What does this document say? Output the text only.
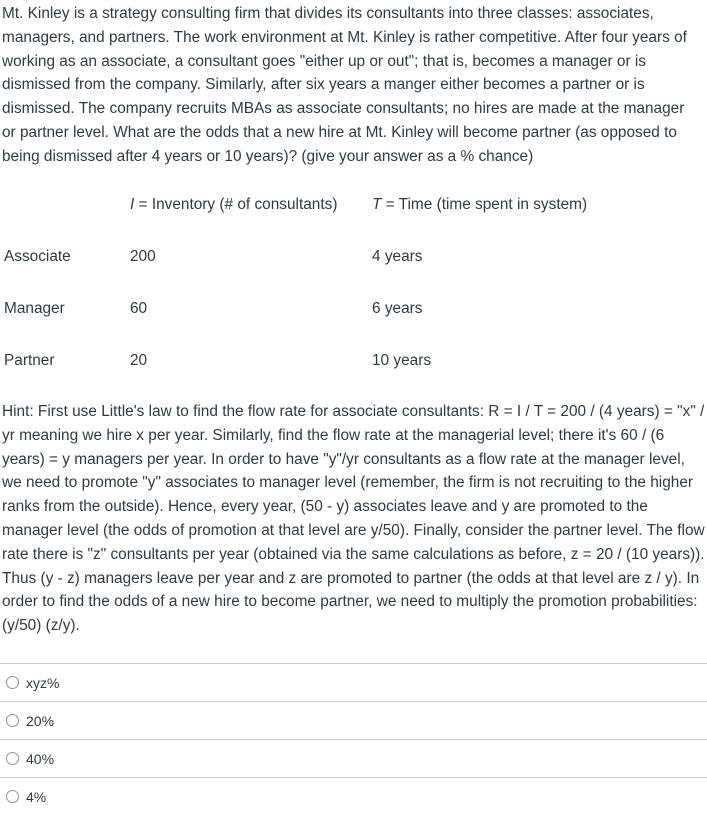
Mt. Kinley is a strategy consulting firm that divides its consultants into three classes: associates, managers, and partners. The work environment at Mt. Kinley is rather competitive. After four years of working as an associate, a consultant goes "either up or out"; that is, becomes a manager or is dismissed from the company. Similarly, after six years a manger either becomes a partner or is dismissed. The company recruits MBAs as associate consultants; no hires are made at the manager or partner level. What are the odds that a new hire at Mt. Kinley will become partner (as opposed to being dismissed after 4 years or 10 years)? (give your answer as a % chance)

I = Inventory (# of consultants) T = Time (time spent in system)
Associate	200	4 years
Manager	60	6 years
Partner	20	10 years

Hint: First use Little's law to find the flow rate for associate consultants: R = I / T = 200 / (4 years) = "x" / yr meaning we hire x per year. Similarly, find the flow rate at the managerial level; there it's 60 / (6 years) = y managers per year. In order to have "y"/yr consultants as a flow rate at the manager level, we need to promote "y" associates to manager level (remember, the firm is not recruiting to the higher ranks from the outside). Hence, every year, (50 - y) associates leave and y are promoted to the manager level (the odds of promotion at that level are y/50). Finally, consider the partner level. The flow rate there is "z" consultants per year (obtained via the same calculations as before, z = 20 / (10 years)). Thus (y - z) managers leave per year and z are promoted to partner (the odds at that level are z / y). In order to find the odds of a new hire to become partner, we need to multiply the promotion probabilities: (y/50) (z/y).

xyz%
20%
40%
4%
